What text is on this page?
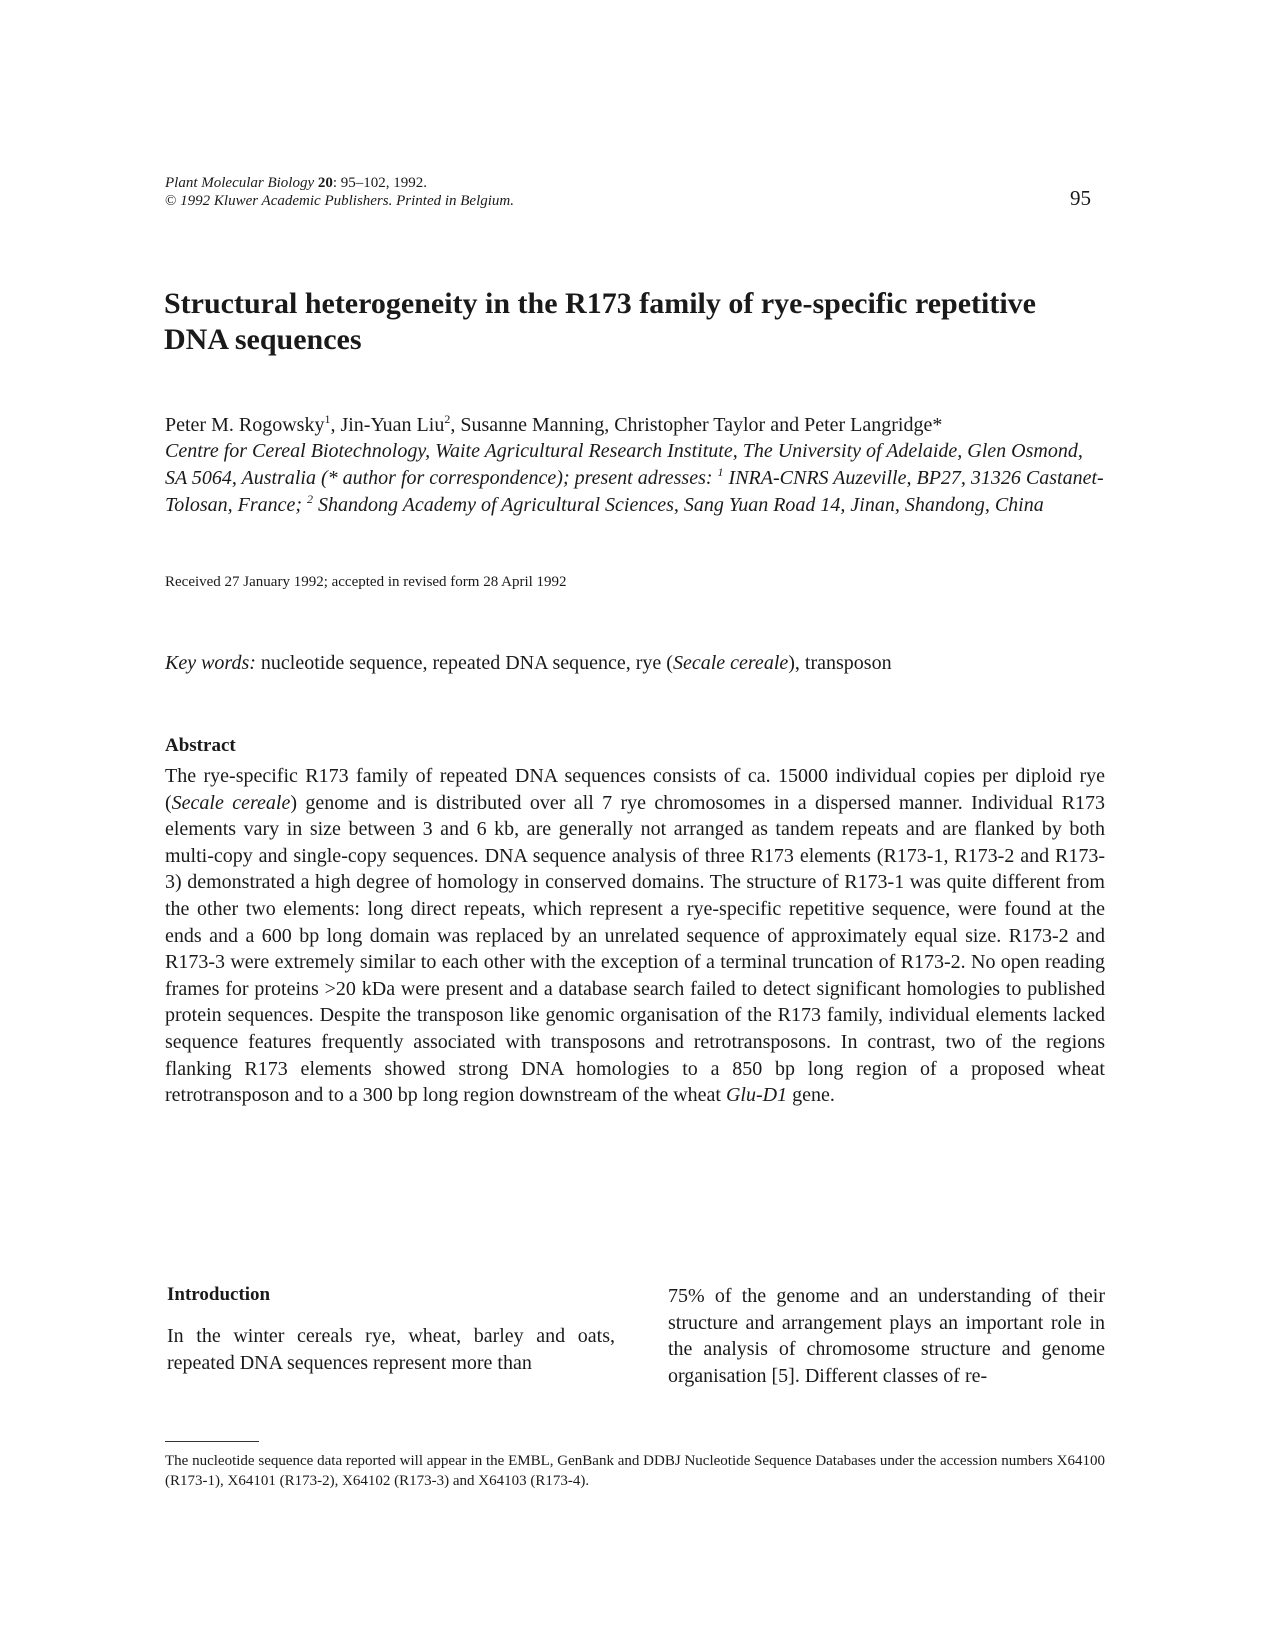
Plant Molecular Biology 20: 95–102, 1992.
© 1992 Kluwer Academic Publishers. Printed in Belgium.	95
Structural heterogeneity in the R173 family of rye-specific repetitive DNA sequences
Peter M. Rogowsky$^1$, Jin-Yuan Liu$^2$, Susanne Manning, Christopher Taylor and Peter Langridge*
Centre for Cereal Biotechnology, Waite Agricultural Research Institute, The University of Adelaide, Glen Osmond, SA 5064, Australia (* author for correspondence); present adresses: $^1$ INRA-CNRS Auzeville, BP27, 31326 Castanet-Tolosan, France; $^2$ Shandong Academy of Agricultural Sciences, Sang Yuan Road 14, Jinan, Shandong, China
Received 27 January 1992; accepted in revised form 28 April 1992
Key words: nucleotide sequence, repeated DNA sequence, rye (Secale cereale), transposon
Abstract
The rye-specific R173 family of repeated DNA sequences consists of ca. 15000 individual copies per diploid rye (Secale cereale) genome and is distributed over all 7 rye chromosomes in a dispersed manner. Individual R173 elements vary in size between 3 and 6 kb, are generally not arranged as tandem repeats and are flanked by both multi-copy and single-copy sequences. DNA sequence analysis of three R173 elements (R173-1, R173-2 and R173-3) demonstrated a high degree of homology in conserved domains. The structure of R173-1 was quite different from the other two elements: long direct repeats, which represent a rye-specific repetitive sequence, were found at the ends and a 600 bp long domain was replaced by an unrelated sequence of approximately equal size. R173-2 and R173-3 were extremely similar to each other with the exception of a terminal truncation of R173-2. No open reading frames for proteins >20 kDa were present and a database search failed to detect significant homologies to published protein sequences. Despite the transposon like genomic organisation of the R173 family, individual elements lacked sequence features frequently associated with transposons and retrotransposons. In contrast, two of the regions flanking R173 elements showed strong DNA homologies to a 850 bp long region of a proposed wheat retrotransposon and to a 300 bp long region downstream of the wheat Glu-D1 gene.
Introduction
In the winter cereals rye, wheat, barley and oats, repeated DNA sequences represent more than
75% of the genome and an understanding of their structure and arrangement plays an important role in the analysis of chromosome structure and genome organisation [5]. Different classes of re-
The nucleotide sequence data reported will appear in the EMBL, GenBank and DDBJ Nucleotide Sequence Databases under the accession numbers X64100 (R173-1), X64101 (R173-2), X64102 (R173-3) and X64103 (R173-4).
